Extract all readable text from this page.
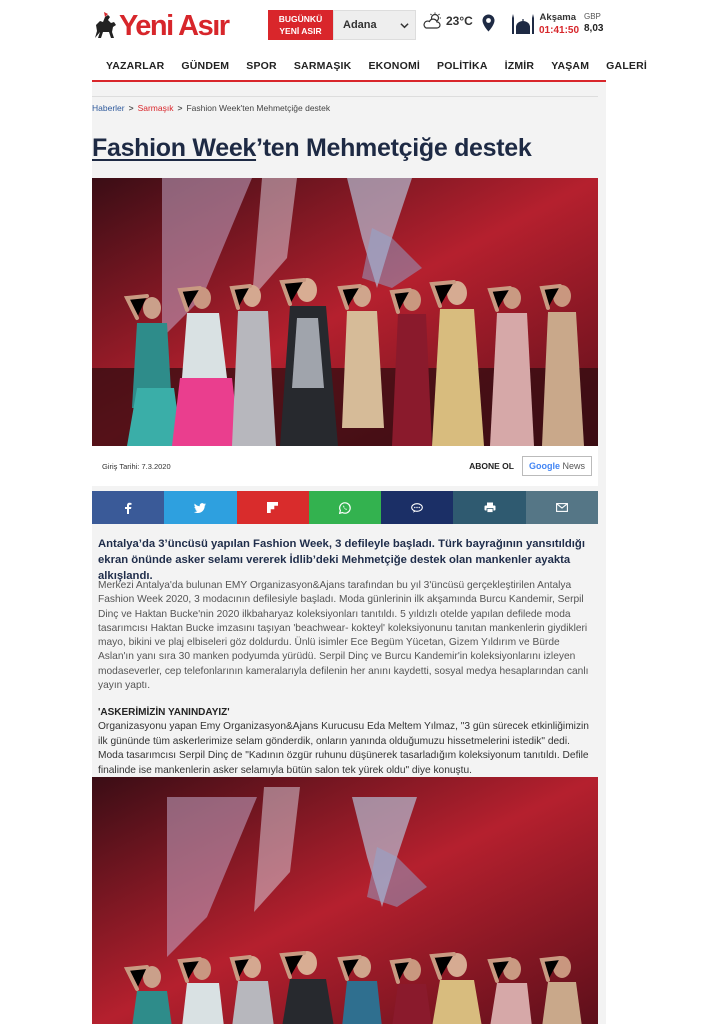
Yeni Asır	BUGÜNKÜ
YENİ ASIR	Adana	23°C	Akşama
01:41:50
GBP
8,03
YAZARLAR GÜNDEM SPOR SARMAŞIK EKONOMİ POLİTİKA İZMİR YAŞAM GALERİ
Haberler > Sarmaşık > Fashion Week'ten Mehmetçiğe destek
Fashion Week’ten Mehmetçiğe destek
Giriş Tarihi: 7.3.2020	ABONE OL Google
News

Antalya’da 3’üncüsü yapılan Fashion Week, 3 defileyle başladı. Türk bayrağının yansıtıldığı ekran önünde asker selamı vererek İdlib’deki Mehmetçiğe destek olan mankenler ayakta alkışlandı.

Merkezi Antalya'da bulunan EMY Organizasyon&Ajans tarafından bu yıl 3'üncüsü gerçekleştirilen Antalya Fashion Week 2020, 3 modacının defilesiyle başladı. Moda günlerinin ilk akşamında Burcu Kandemir, Serpil Dinç ve Haktan Bucke'nin 2020 ilkbaharyaz koleksiyonları tanıtıldı. 5 yıldızlı otelde yapılan defilede moda tasarımcısı Haktan Bucke imzasını taşıyan 'beachwear- kokteyl' koleksiyonunu tanıtan mankenlerin giydikleri mayo, bikini ve plaj elbiseleri göz doldurdu. Ünlü isimler Ece Begüm Yücetan, Gizem Yıldırım ve Bürde Aslan'ın yanı sıra 30 manken podyumda yürüdü. Serpil Dinç ve Burcu Kandemir'in koleksiyonlarını izleyen modaseverler, cep telefonlarının kameralarıyla defilenin her anını kaydetti, sosyal medya hesaplarından canlı yayın yaptı.

'ASKERİMİZİN YANINDAYIZ'

Organizasyonu yapan Emy Organizasyon&Ajans Kurucusu Eda Meltem Yılmaz, "3 gün sürecek etkinliğimizin ilk gününde tüm askerlerimize selam gönderdik, onların yanında olduğumuzu hissetmelerini istedik" dedi. Moda tasarımcısı Serpil Dinç de "Kadının özgür ruhunu düşünerek tasarladığım koleksiyonum tanıtıldı. Defile finalinde ise mankenlerin asker selamıyla bütün salon tek yürek oldu" diye konuştu.
